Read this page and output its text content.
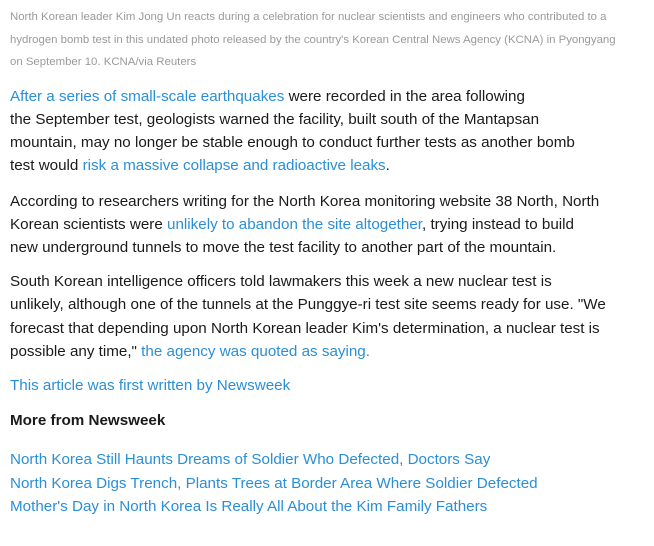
North Korean leader Kim Jong Un reacts during a celebration for nuclear scientists and engineers who contributed to a
hydrogen bomb test in this undated photo released by the country's Korean Central News Agency (KCNA) in Pyongyang
on September 10. KCNA/via Reuters

After a series of small-scale earthquakes were recorded in the area following
the September test, geologists warned the facility, built south of the Mantapsan
mountain, may no longer be stable enough to conduct further tests as another bomb
test would risk a massive collapse and radioactive leaks.

According to researchers writing for the North Korea monitoring website 38 North, North
Korean scientists were unlikely to abandon the site altogether, trying instead to build
new underground tunnels to move the test facility to another part of the mountain.

South Korean intelligence officers told lawmakers this week a new nuclear test is
unlikely, although one of the tunnels at the Punggye-ri test site seems ready for use. "We
forecast that depending upon North Korean leader Kim's determination, a nuclear test is
possible any time," the agency was quoted as saying.

This article was first written by Newsweek

More from Newsweek
North Korea Still Haunts Dreams of Soldier Who Defected, Doctors Say
North Korea Digs Trench, Plants Trees at Border Area Where Soldier Defected
Mother's Day in North Korea Is Really All About the Kim Family Fathers
